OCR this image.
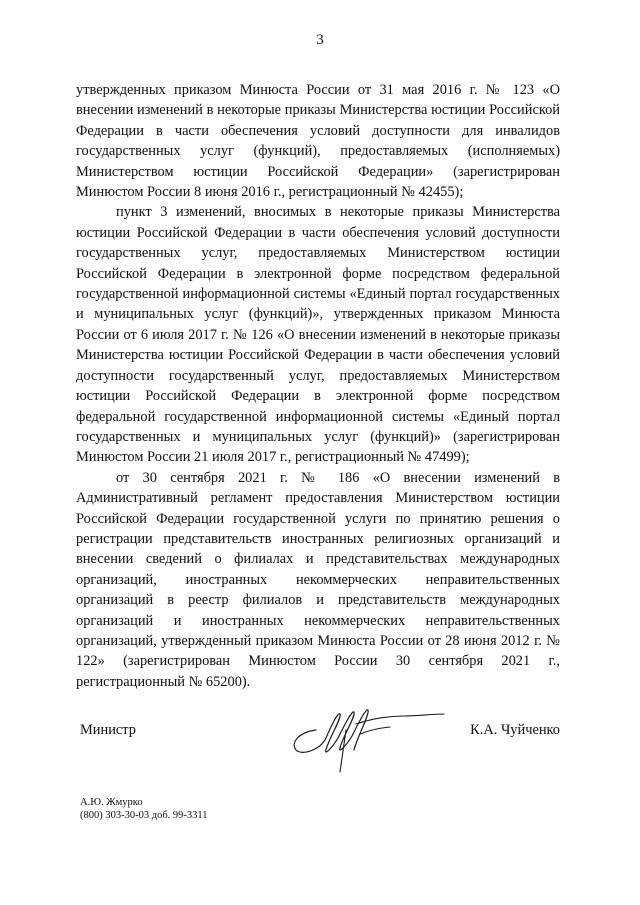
3

утвержденных приказом Минюста России от 31 мая 2016 г. № 123 «О внесении изменений в некоторые приказы Министерства юстиции Российской Федерации в части обеспечения условий доступности для инвалидов государственных услуг (функций), предоставляемых (исполняемых) Министерством юстиции Российской Федерации» (зарегистрирован Минюстом России 8 июня 2016 г., регистрационный № 42455);

пункт 3 изменений, вносимых в некоторые приказы Министерства юстиции Российской Федерации в части обеспечения условий доступности государственных услуг, предоставляемых Министерством юстиции Российской Федерации в электронной форме посредством федеральной государственной информационной системы «Единый портал государственных и муниципальных услуг (функций)», утвержденных приказом Минюста России от 6 июля 2017 г. № 126 «О внесении изменений в некоторые приказы Министерства юстиции Российской Федерации в части обеспечения условий доступности государственный услуг, предоставляемых Министерством юстиции Российской Федерации в электронной форме посредством федеральной государственной информационной системы «Единый портал государственных и муниципальных услуг (функций)» (зарегистрирован Минюстом России 21 июля 2017 г., регистрационный № 47499);

от 30 сентября 2021 г. № 186 «О внесении изменений в Административный регламент предоставления Министерством юстиции Российской Федерации государственной услуги по принятию решения о регистрации представительств иностранных религиозных организаций и внесении сведений о филиалах и представительствах международных организаций, иностранных некоммерческих неправительственных организаций в реестр филиалов и представительств международных организаций и иностранных некоммерческих неправительственных организаций, утвержденный приказом Минюста России от 28 июня 2012 г. № 122» (зарегистрирован Минюстом России 30 сентября 2021 г., регистрационный № 65200).

Министр	К.А. Чуйченко
А.Ю. Жмурко
(800) 303-30-03 доб. 99-3311
